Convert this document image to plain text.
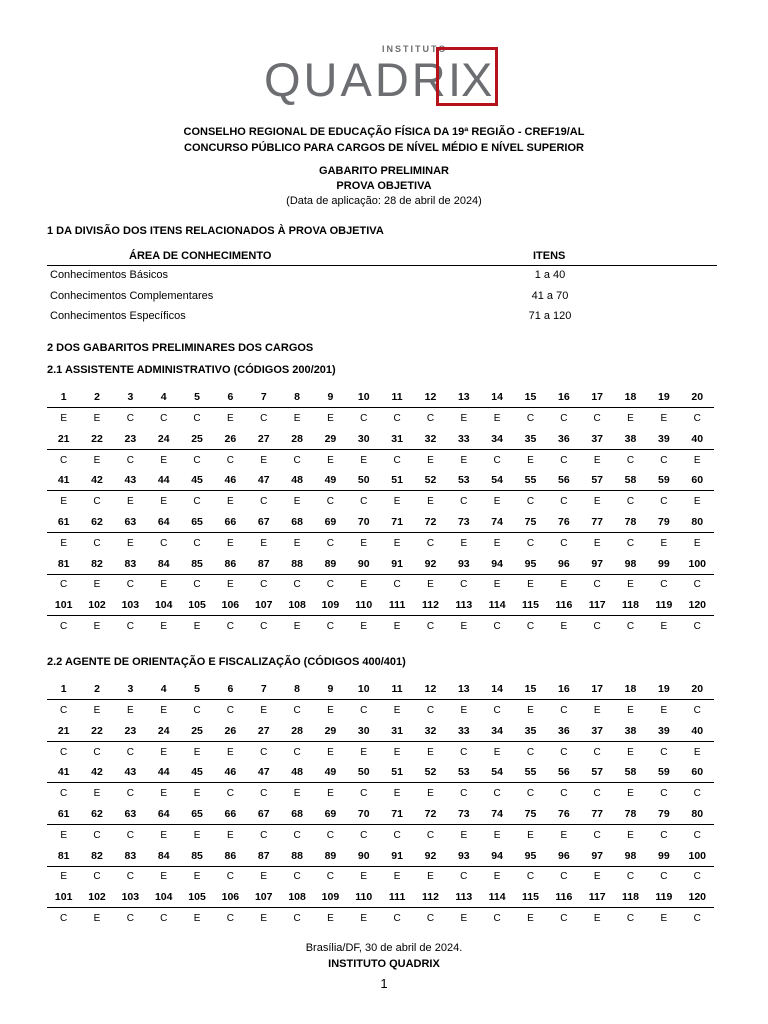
INSTITUTO
QUADR IX
CONSELHO REGIONAL DE EDUCAÇÃO FÍSICA DA 19ª REGIÃO - CREF19/AL
CONCURSO PÚBLICO PARA CARGOS DE NÍVEL MÉDIO E NÍVEL SUPERIOR
GABARITO PRELIMINAR
PROVA OBJETIVA
(Data de aplicação: 28 de abril de 2024)
1 DA DIVISÃO DOS ITENS RELACIONADOS À PROVA OBJETIVA
ÁREA DE CONHECIMENTO	ITENS
Conhecimentos Básicos	1 a 40
Conhecimentos Complementares	41 a 70
Conhecimentos Específicos	71 a 120
2 DOS GABARITOS PRELIMINARES DOS CARGOS
2.1 ASSISTENTE ADMINISTRATIVO (CÓDIGOS 200/201)
1	2	3	4	5	6	7	8	9	10	11	12	13	14	15	16	17	18	19	20
E	E	C	C	C	E	C	E	E	C	C	C	E	E	C	C	C	E	E	C
21	22	23	24	25	26	27	28	29	30	31	32	33	34	35	36	37	38	39	40
C	E	C	E	C	C	E	C	E	E	C	E	E	C	E	C	E	C	C	E
41	42	43	44	45	46	47	48	49	50	51	52	53	54	55	56	57	58	59	60
E	C	E	E	C	E	C	E	C	C	E	E	C	E	C	C	E	C	C	E
61	62	63	64	65	66	67	68	69	70	71	72	73	74	75	76	77	78	79	80
E	C	E	C	C	E	E	E	C	E	E	C	E	E	C	C	E	C	E	E
81	82	83	84	85	86	87	88	89	90	91	92	93	94	95	96	97	98	99	100
C	E	C	E	C	E	C	C	C	E	C	E	C	E	E	E	C	E	C	C
101	102	103	104	105	106	107	108	109	110	111	112	113	114	115	116	117	118	119	120
C	E	C	E	E	C	C	E	C	E	E	C	E	C	C	E	C	C	E	C
2.2 AGENTE DE ORIENTAÇÃO E FISCALIZAÇÃO (CÓDIGOS 400/401)
1	2	3	4	5	6	7	8	9	10	11	12	13	14	15	16	17	18	19	20
C	E	E	E	C	C	E	C	E	C	E	C	E	C	E	C	E	E	E	C
21	22	23	24	25	26	27	28	29	30	31	32	33	34	35	36	37	38	39	40
C	C	C	E	E	E	C	C	E	E	E	E	C	E	C	C	C	E	C	E
41	42	43	44	45	46	47	48	49	50	51	52	53	54	55	56	57	58	59	60
C	E	C	E	E	C	C	E	E	C	E	E	C	C	C	C	C	E	C	C
61	62	63	64	65	66	67	68	69	70	71	72	73	74	75	76	77	78	79	80
E	C	C	E	E	E	C	C	C	C	C	C	E	E	E	E	C	E	C	C
81	82	83	84	85	86	87	88	89	90	91	92	93	94	95	96	97	98	99	100
E	C	C	E	E	C	E	C	C	E	E	E	C	E	C	C	E	C	C	C
101	102	103	104	105	106	107	108	109	110	111	112	113	114	115	116	117	118	119	120
C	E	C	C	E	C	E	C	E	E	C	C	E	C	E	C	E	C	E	C
Brasília/DF, 30 de abril de 2024.
INSTITUTO QUADRIX
1
